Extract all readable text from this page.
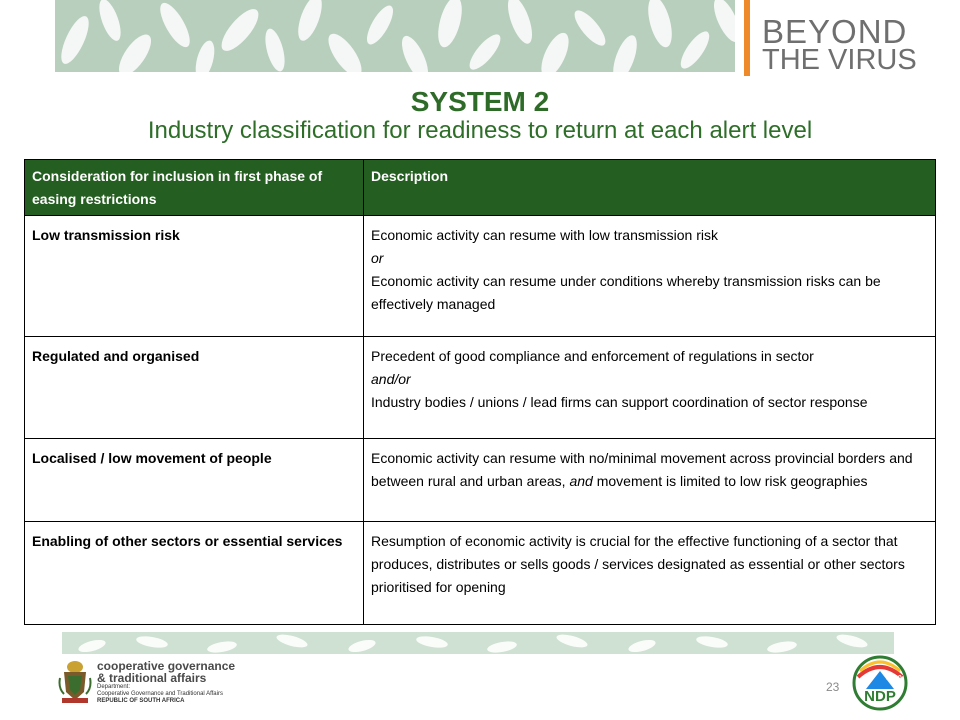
BEYOND
THE VIRUS
SYSTEM 2
Industry classification for readiness to return at each alert level
Consideration for inclusion in first phase of easing restrictions	Description
Low transmission risk	Economic activity can resume with low transmission risk
or
Economic activity can resume under conditions whereby transmission risks can be effectively managed

Regulated and organised	Precedent of good compliance and enforcement of regulations in sector
and/or
Industry bodies / unions / lead firms can support coordination of sector response

Localised / low movement of people	Economic activity can resume with no/minimal movement across provincial borders and between rural and urban areas, and movement is limited to low risk geographies
Enabling of other sectors or essential services	Resumption of economic activity is crucial for the effective functioning of a sector that produces, distributes or sells goods / services designated as essential or other sectors prioritised for opening
cooperative governance
& traditional affairs
Department:
Cooperative Governance and Traditional Affairs
REPUBLIC OF SOUTH AFRICA
23
NDP
2030
